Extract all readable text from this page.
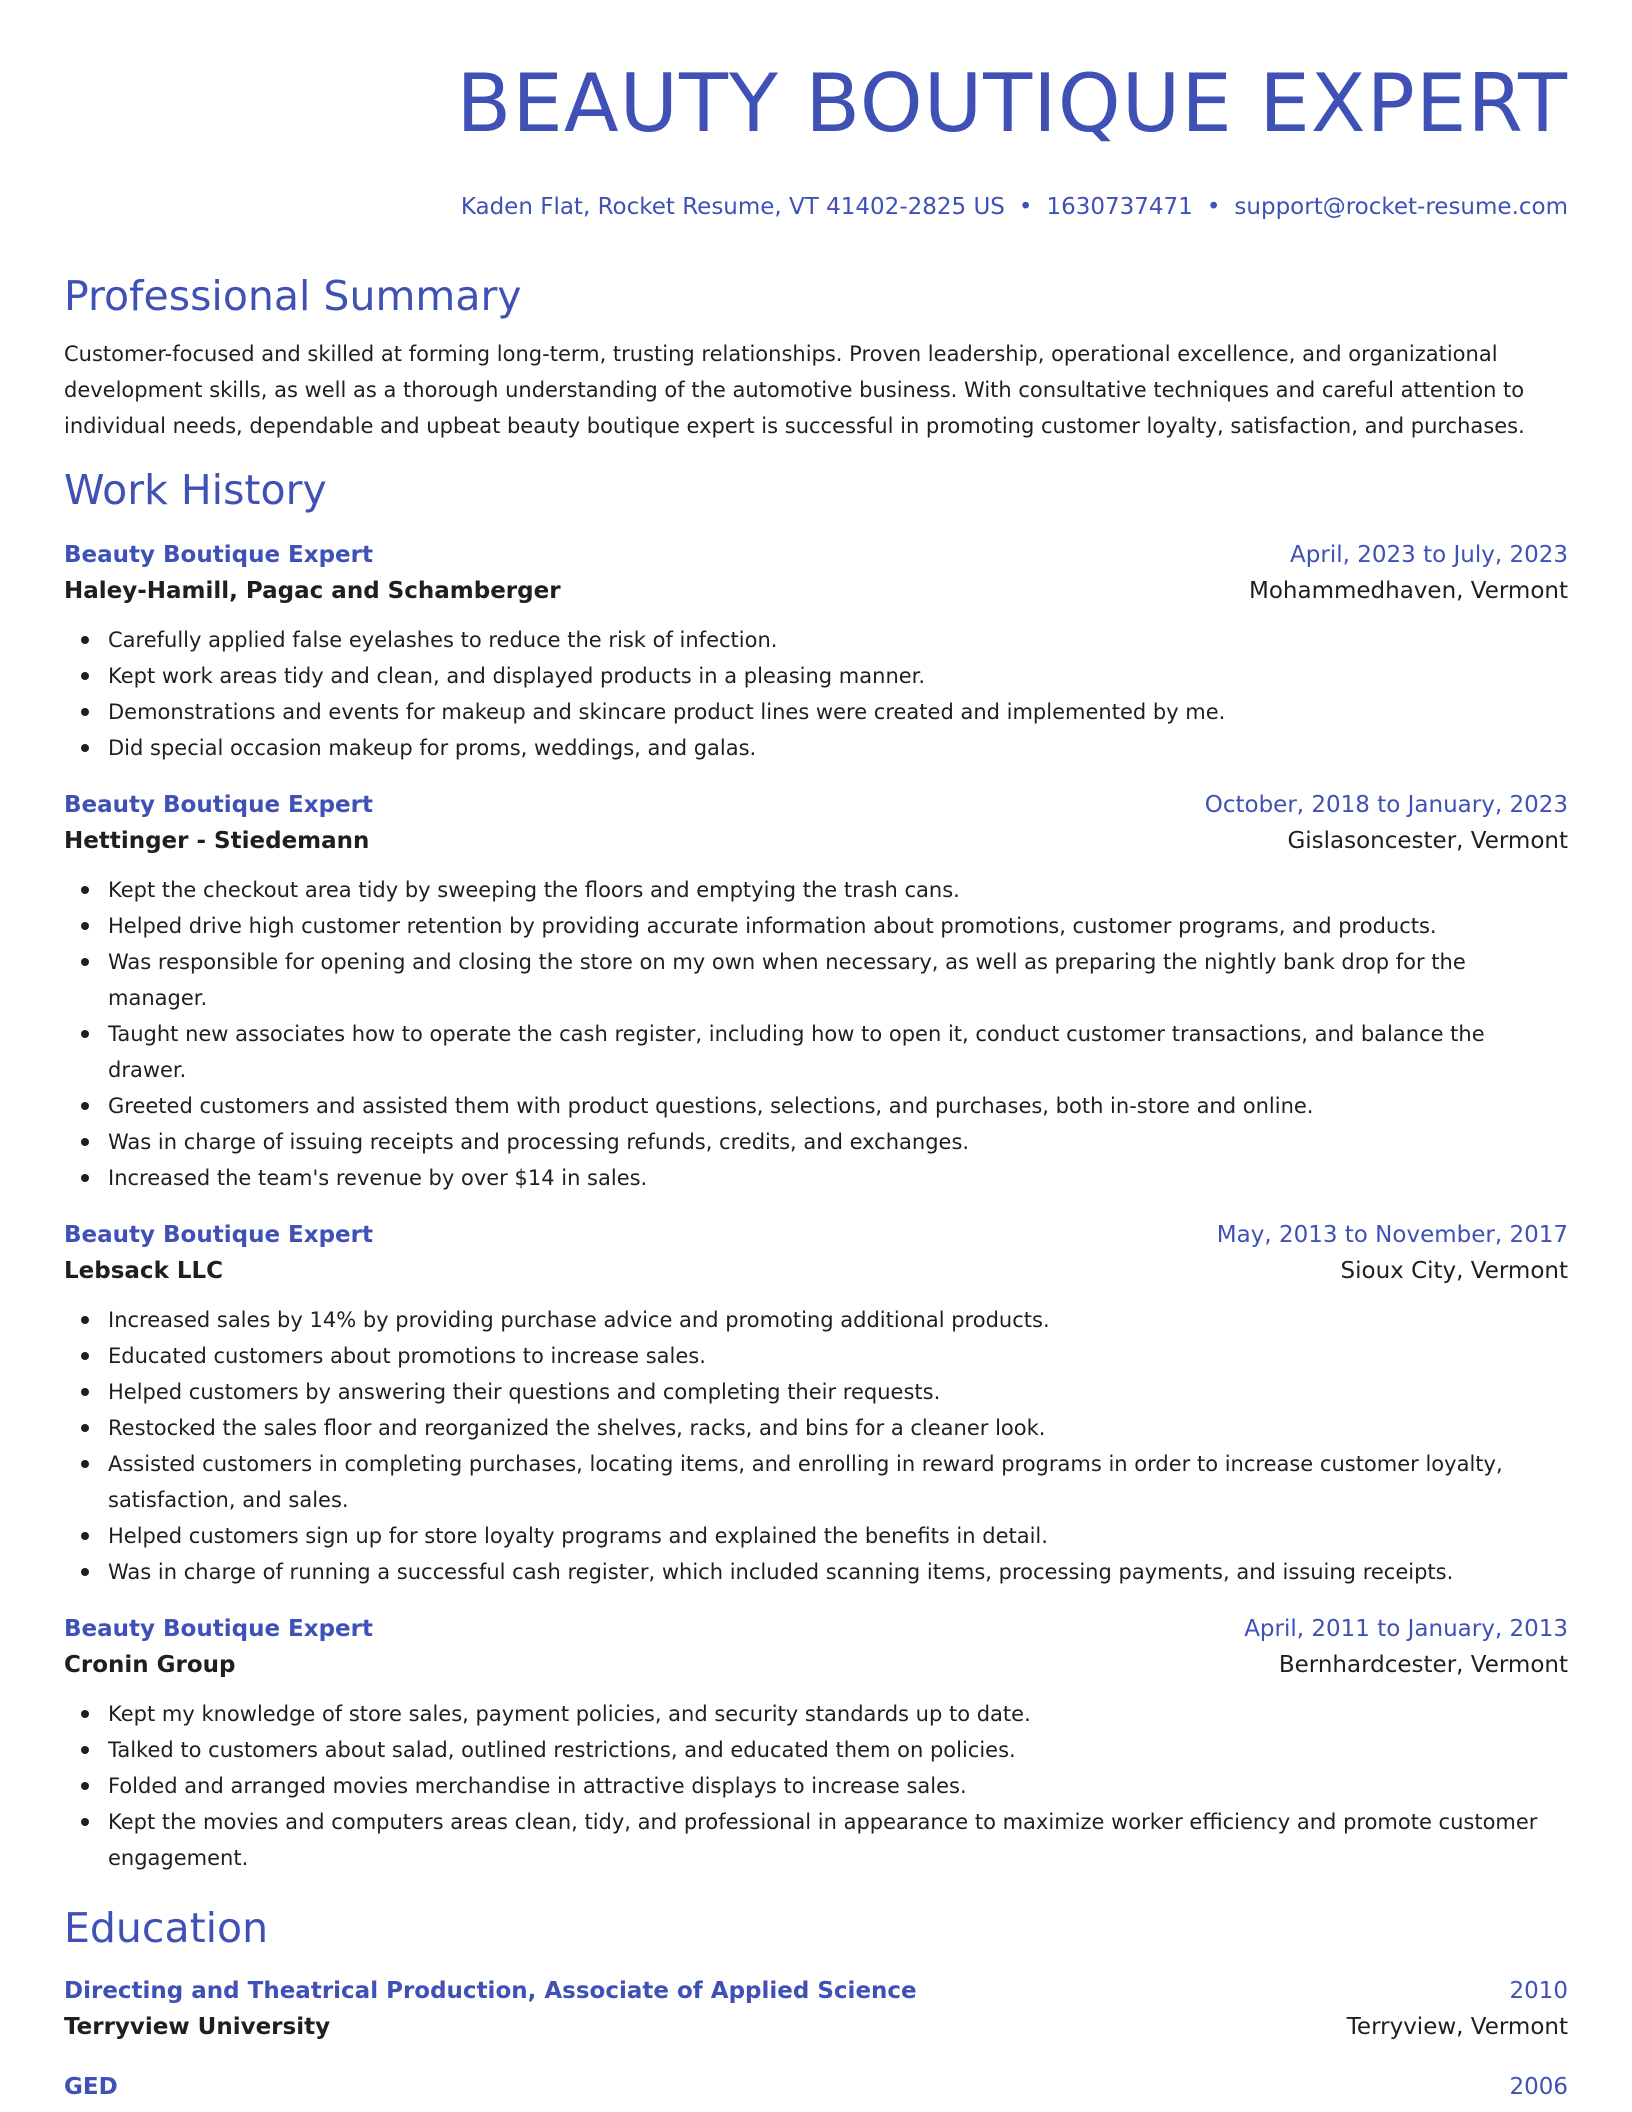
BEAUTY BOUTIQUE EXPERT
Kaden Flat, Rocket Resume, VT 41402-2825 US • 1630737471 • support@rocket-resume.com
Professional Summary
Customer-focused and skilled at forming long-term, trusting relationships. Proven leadership, operational excellence, and organizational development skills, as well as a thorough understanding of the automotive business. With consultative techniques and careful attention to individual needs, dependable and upbeat beauty boutique expert is successful in promoting customer loyalty, satisfaction, and purchases.
Work History
Beauty Boutique Expert	April, 2023 to July, 2023
Haley-Hamill, Pagac and Schamberger	Mohammedhaven, Vermont
Carefully applied false eyelashes to reduce the risk of infection.
Kept work areas tidy and clean, and displayed products in a pleasing manner.
Demonstrations and events for makeup and skincare product lines were created and implemented by me.
Did special occasion makeup for proms, weddings, and galas.
Beauty Boutique Expert	October, 2018 to January, 2023
Hettinger - Stiedemann	Gislasoncester, Vermont
Kept the checkout area tidy by sweeping the floors and emptying the trash cans.
Helped drive high customer retention by providing accurate information about promotions, customer programs, and products.
Was responsible for opening and closing the store on my own when necessary, as well as preparing the nightly bank drop for the manager.
Taught new associates how to operate the cash register, including how to open it, conduct customer transactions, and balance the drawer.
Greeted customers and assisted them with product questions, selections, and purchases, both in-store and online.
Was in charge of issuing receipts and processing refunds, credits, and exchanges.
Increased the team's revenue by over $14 in sales.
Beauty Boutique Expert	May, 2013 to November, 2017
Lebsack LLC	Sioux City, Vermont
Increased sales by 14% by providing purchase advice and promoting additional products.
Educated customers about promotions to increase sales.
Helped customers by answering their questions and completing their requests.
Restocked the sales floor and reorganized the shelves, racks, and bins for a cleaner look.
Assisted customers in completing purchases, locating items, and enrolling in reward programs in order to increase customer loyalty, satisfaction, and sales.
Helped customers sign up for store loyalty programs and explained the benefits in detail.
Was in charge of running a successful cash register, which included scanning items, processing payments, and issuing receipts.
Beauty Boutique Expert	April, 2011 to January, 2013
Cronin Group	Bernhardcester, Vermont
Kept my knowledge of store sales, payment policies, and security standards up to date.
Talked to customers about salad, outlined restrictions, and educated them on policies.
Folded and arranged movies merchandise in attractive displays to increase sales.
Kept the movies and computers areas clean, tidy, and professional in appearance to maximize worker efficiency and promote customer engagement.
Education
Directing and Theatrical Production, Associate of Applied Science	2010
Terryview University	Terryview, Vermont
GED	2006
